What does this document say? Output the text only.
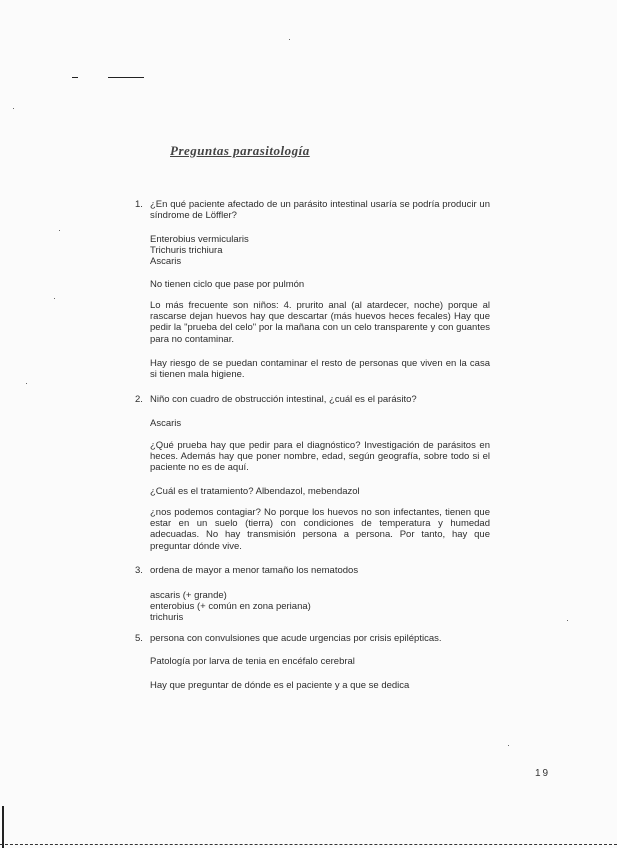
Preguntas parasitología
1. ¿En qué paciente afectado de un parásito intestinal usaría se podría producir un síndrome de Löffler?
Enterobius vermicularis
Trichuris trichiura
Ascaris
No tienen ciclo que pase por pulmón
Lo más frecuente son niños: 4. prurito anal (al atardecer, noche) porque al rascarse dejan huevos hay que descartar (más huevos heces fecales) Hay que pedir la "prueba del celo" por la mañana con un celo transparente y con guantes para no contaminar.
Hay riesgo de se puedan contaminar el resto de personas que viven en la casa si tienen mala higiene.
2. Niño con cuadro de obstrucción intestinal, ¿cuál es el parásito?
Ascaris
¿Qué prueba hay que pedir para el diagnóstico? Investigación de parásitos en heces. Además hay que poner nombre, edad, según geografía, sobre todo si el paciente no es de aquí.
¿Cuál es el tratamiento? Albendazol, mebendazol
¿nos podemos contagiar? No porque los huevos no son infectantes, tienen que estar en un suelo (tierra) con condiciones de temperatura y humedad adecuadas. No hay transmisión persona a persona. Por tanto, hay que preguntar dónde vive.
3. ordena de mayor a menor tamaño los nematodos
ascaris (+ grande)
enterobius (+ común en zona periana)
trichuris
5. persona con convulsiones que acude urgencias por crisis epilépticas.
Patología por larva de tenia en encéfalo cerebral
Hay que preguntar de dónde es el paciente y a que se dedica
19
